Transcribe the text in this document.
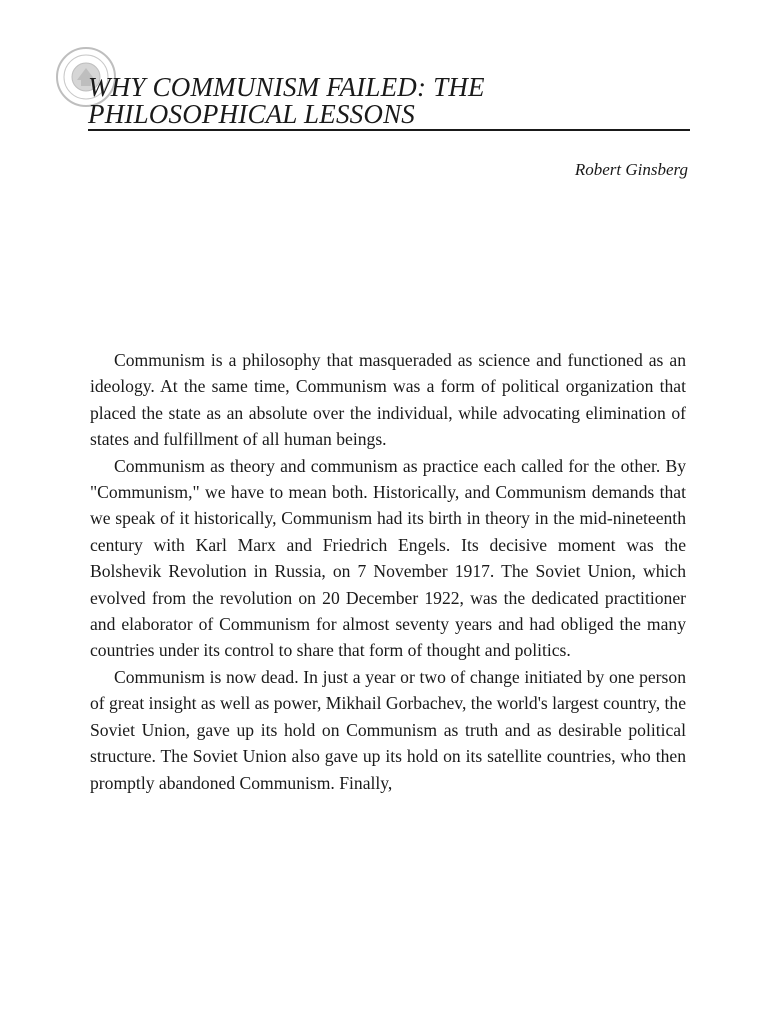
WHY COMMUNISM FAILED: THE
PHILOSOPHICAL LESSONS
Robert Ginsberg

Communism is a philosophy that masqueraded as science and functioned as an ideology. At the same time, Communism was a form of political organization that placed the state as an absolute over the individual, while advocating elimination of states and fulfillment of all human beings.

Communism as theory and communism as practice each called for the other. By "Communism," we have to mean both. Historically, and Communism demands that we speak of it historically, Communism had its birth in theory in the mid-nineteenth century with Karl Marx and Friedrich Engels. Its decisive moment was the Bolshevik Revolution in Russia, on 7 November 1917. The Soviet Union, which evolved from the revolution on 20 December 1922, was the dedicated practitioner and elaborator of Communism for almost seventy years and had obliged the many countries under its control to share that form of thought and politics.

Communism is now dead. In just a year or two of change initiated by one person of great insight as well as power, Mikhail Gorbachev, the world's largest country, the Soviet Union, gave up its hold on Communism as truth and as desirable political structure. The Soviet Union also gave up its hold on its satellite countries, who then promptly abandoned Communism. Finally,
